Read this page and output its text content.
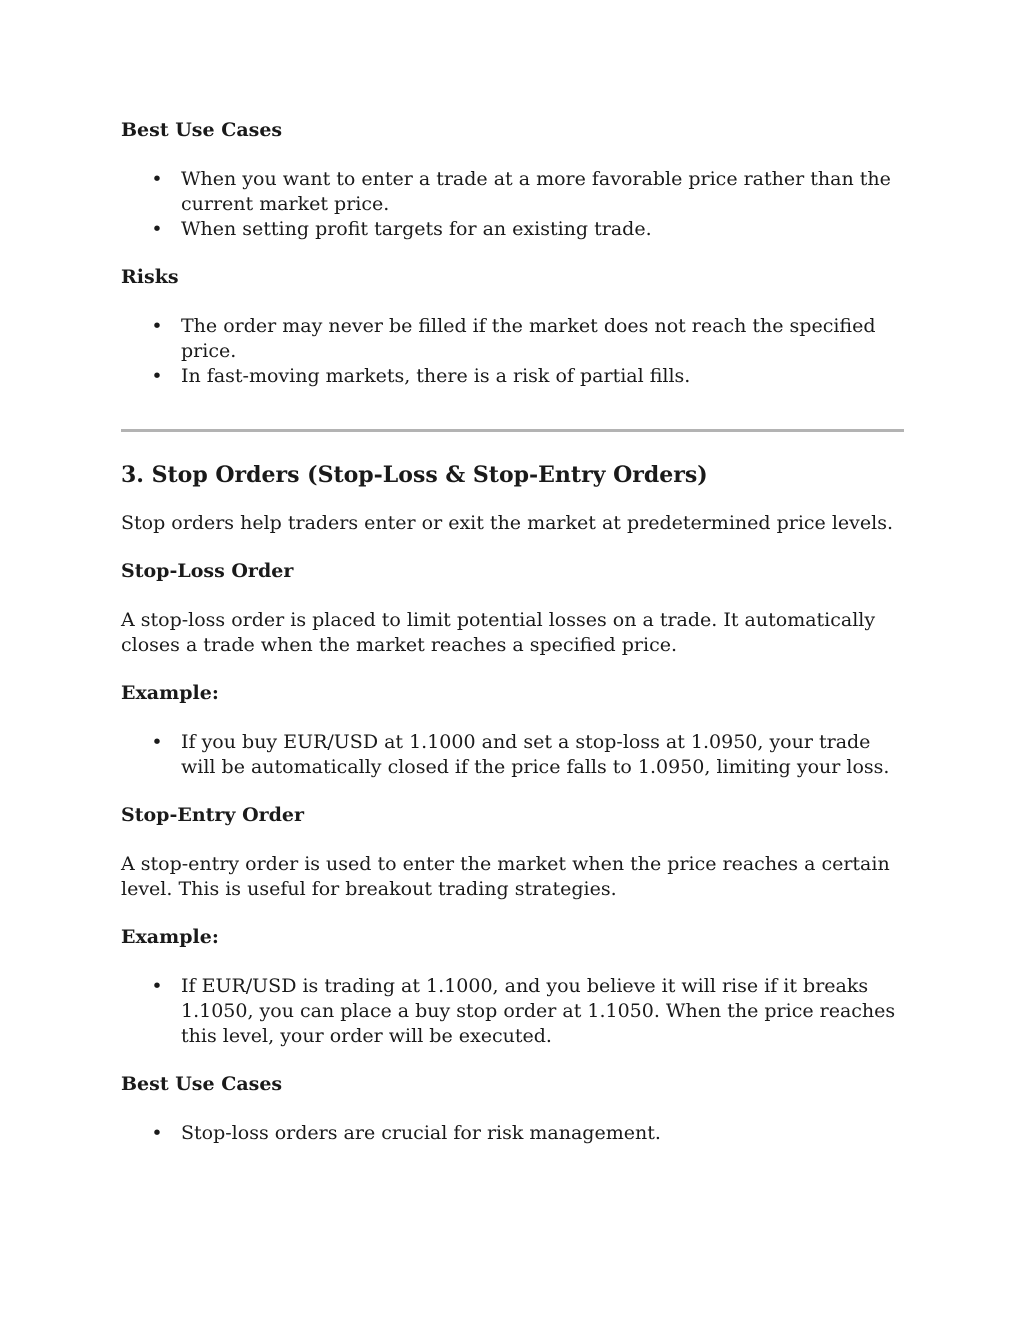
Best Use Cases
• When you want to enter a trade at a more favorable price rather than the current market price.
• When setting profit targets for an existing trade.
Risks
• The order may never be filled if the market does not reach the specified price.
• In fast-moving markets, there is a risk of partial fills.
3. Stop Orders (Stop-Loss & Stop-Entry Orders)

Stop orders help traders enter or exit the market at predetermined price levels.

Stop-Loss Order

A stop-loss order is placed to limit potential losses on a trade. It automatically closes a trade when the market reaches a specified price.

Example:
• If you buy EUR/USD at 1.1000 and set a stop-loss at 1.0950, your trade will be automatically closed if the price falls to 1.0950, limiting your loss.
Stop-Entry Order

A stop-entry order is used to enter the market when the price reaches a certain level. This is useful for breakout trading strategies.

Example:
• If EUR/USD is trading at 1.1000, and you believe it will rise if it breaks 1.1050, you can place a buy stop order at 1.1050. When the price reaches this level, your order will be executed.
Best Use Cases
• Stop-loss orders are crucial for risk management.
